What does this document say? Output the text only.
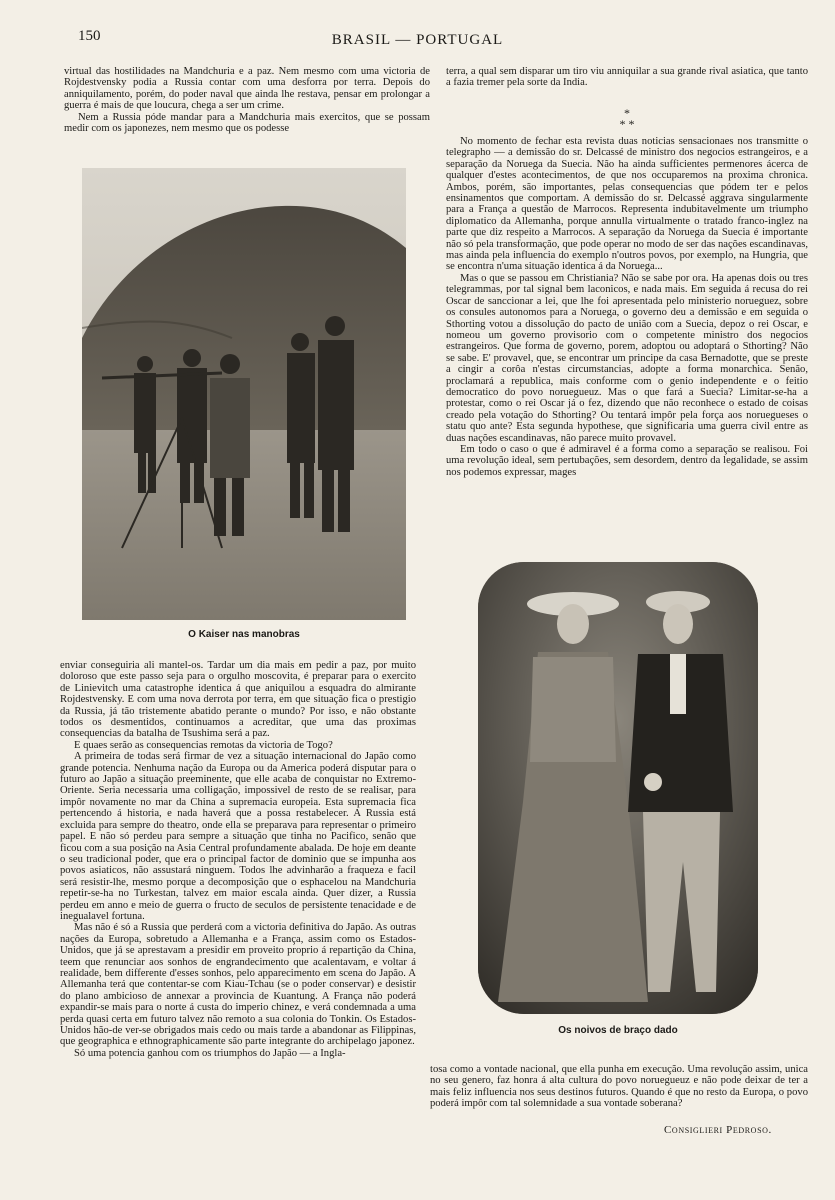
150	BRASIL — PORTUGAL

virtual das hostilidades na Mandchuria e a paz. Nem mesmo com uma victoria de Rojdestvensky podia a Russia contar com uma desforra por terra. Depois do anniquilamento, porém, do poder naval que ainda lhe restava, pensar em prolongar a guerra é mais de que loucura, chega a ser um crime.

Nem a Russia póde mandar para a Mandchuria mais exercitos, que se possam medir com os japonezes, nem mesmo que os podesse

O Kaiser nas manobras

enviar conseguiria ali mantel-os. Tardar um dia mais em pedir a paz, por muito doloroso que este passo seja para o orgulho moscovita, é preparar para o exercito de Linievitch uma catastrophe identica á que aniquilou a esquadra do almirante Rojdestvensky. E com uma nova derrota por terra, em que situação fica o prestigio da Russia, já tão tristemente abatido perante o mundo? Por isso, e não obstante todos os desmentidos, continuamos a acreditar, que uma das proximas consequencias da batalha de Tsushima será a paz.

E quaes serão as consequencias remotas da victoria de Togo?

A primeira de todas será firmar de vez a situação internacional do Japão como grande potencia. Nenhuma nação da Europa ou da America poderá disputar para o futuro ao Japão a situação preeminente, que elle acaba de conquistar no Extremo-Oriente. Seria necessaria uma colligação, impossivel de resto de se realisar, para impôr novamente no mar da China a supremacia europeia. Esta supremacia fica pertencendo á historia, e nada haverá que a possa restabelecer. A Russia está excluida para sempre do theatro, onde ella se preparava para representar o primeiro papel. E não só perdeu para sempre a situação que tinha no Pacifico, senão que ficou com a sua posição na Asia Central profundamente abalada. De hoje em deante o seu tradicional poder, que era o principal factor de dominio que se impunha aos povos asiaticos, não assustará ninguem. Todos lhe advinharão a fraqueza e facil será resistir-lhe, mesmo porque a decomposição que o esphacelou na Mandchuria repetir-se-ha no Turkestan, talvez em maior escala ainda. Quer dizer, a Russia perdeu em anno e meio de guerra o fructo de seculos de persistente tenacidade e de inegualavel fortuna.

Mas não é só a Russia que perderá com a victoria definitiva do Japão. As outras nações da Europa, sobretudo a Allemanha e a França, assim como os Estados-Unidos, que já se aprestavam a presidir em proveito proprio á repartição da China, teem que renunciar aos sonhos de engrandecimento que acalentavam, e voltar á realidade, bem differente d'esses sonhos, pelo apparecimento em scena do Japão. A Allemanha terá que contentar-se com Kiau-Tchau (se o poder conservar) e desistir do plano ambicioso de annexar a provincia de Kuantung. A França não poderá expandir-se mais para o norte á custa do imperio chinez, e verá condemnada a uma perda quasi certa em futuro talvez não remoto a sua colonia do Tonkin. Os Estados-Unidos hão-de ver-se obrigados mais cedo ou mais tarde a abandonar as Filippinas, que geographica e ethnographicamente são parte integrante do archipelago japonez.

Só uma potencia ganhou com os triumphos do Japão — a Ingla-

terra, a qual sem disparar um tiro viu anniquilar a sua grande rival asiatica, que tanto a fazia tremer pela sorte da India.

*
* *

No momento de fechar esta revista duas noticias sensacionaes nos transmitte o telegrapho — a demissão do sr. Delcassé de ministro dos negocios estrangeiros, e a separação da Noruega da Suecia. Não ha ainda sufficientes permenores ácerca de qualquer d'estes acontecimentos, de que nos occuparemos na proxima chronica. Ambos, porém, são importantes, pelas consequencias que pódem ter e pelos ensinamentos que comportam. A demissão do sr. Delcassé aggrava singularmente para a França a questão de Marrocos. Representa indubitavelmente um triumpho diplomatico da Allemanha, porque annulla virtualmente o tratado franco-inglez na parte que diz respeito a Marrocos. A separação da Noruega da Suecia é importante não só pela transformação, que pode operar no modo de ser das nações escandinavas, mas ainda pela influencia do exemplo n'outros povos, por exemplo, na Hungria, que se encontra n'uma situação identica á da Noruega...

Mas o que se passou em Christiania? Não se sabe por ora. Ha apenas dois ou tres telegrammas, por tal signal bem laconicos, e nada mais. Em seguida á recusa do rei Oscar de sanccionar a lei, que lhe foi apresentada pelo ministerio norueguez, sobre os consules autonomos para a Noruega, o governo deu a demissão e em seguida o Sthorting votou a dissolução do pacto de união com a Suecia, depoz o rei Oscar, e nomeou um governo provisorio com o competente ministro dos negocios estrangeiros. Que forma de governo, porem, adoptou ou adoptará o Sthorting? Não se sabe. E' provavel, que, se encontrar um principe da casa Bernadotte, que se preste a cingir a corôa n'estas circumstancias, adopte a forma monarchica. Senão, proclamará a republica, mais conforme com o genio independente e o feitio democratico do povo noruegueuz. Mas o que fará a Suecia? Limitar-se-ha a protestar, como o rei Oscar já o fez, dizendo que não reconhece o estado de coisas creado pela votação do Sthorting? Ou tentará impôr pela força aos noruegueses o statu quo ante? Esta segunda hypothese, que significaria uma guerra civil entre as duas nações escandinavas, não parece muito provavel.

Em todo o caso o que é admiravel é a forma como a separação se realisou. Foi uma revolução ideal, sem pertubações, sem desordem, dentro da legalidade, se assim nos podemos expressar, mages

Os noivos de braço dado

tosa como a vontade nacional, que ella punha em execução. Uma revolução assim, unica no seu genero, faz honra á alta cultura do povo noruegueuz e não pode deixar de ter a mais feliz influencia nos seus destinos futuros. Quando é que no resto da Europa, o povo poderá impôr com tal solemnidade a sua vontade soberana?

Consiglieri Pedroso.
